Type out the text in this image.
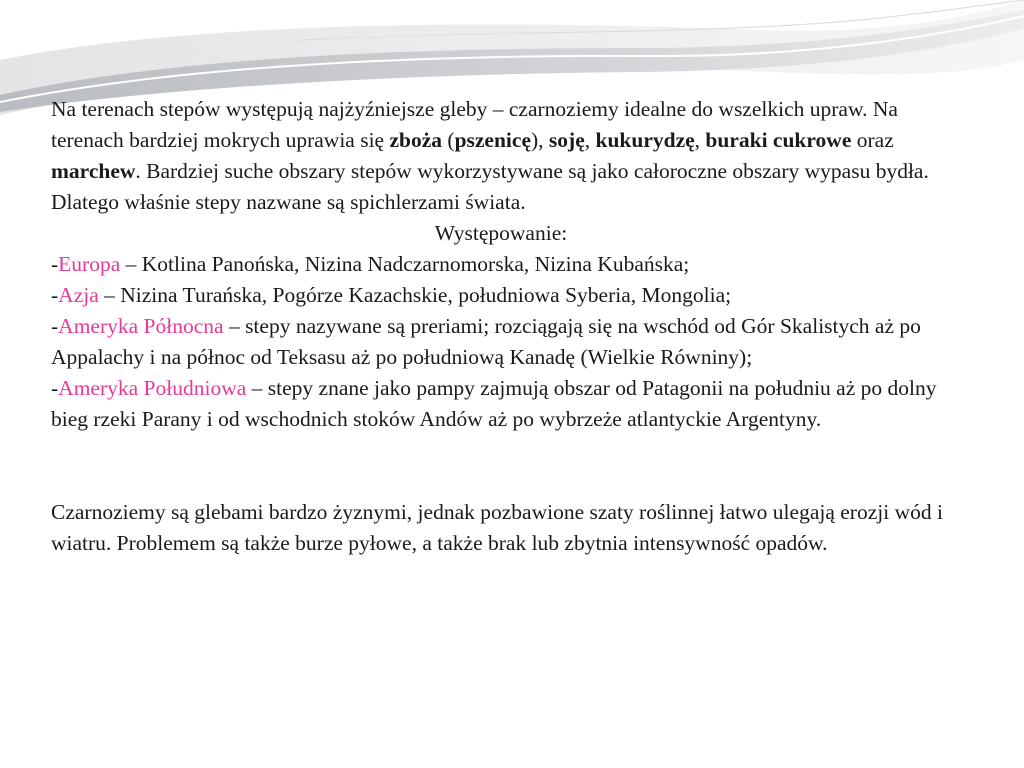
Na terenach stepów występują najżyźniejsze gleby – czarnoziemy idealne do wszelkich upraw. Na terenach bardziej mokrych uprawia się zboża (pszenicę), soję, kukurydzę, buraki cukrowe oraz marchew. Bardziej suche obszary stepów wykorzystywane są jako całoroczne obszary wypasu bydła. Dlatego właśnie stepy nazwane są spichlerzami świata.

Występowanie:

-Europa – Kotlina Panońska, Nizina Nadczarnomorska, Nizina Kubańska;

-Azja – Nizina Turańska, Pogórze Kazachskie, południowa Syberia, Mongolia;

-Ameryka Północna – stepy nazywane są preriami; rozciągają się na wschód od Gór Skalistych aż po Appalachy i na północ od Teksasu aż po południową Kanadę (Wielkie Równiny);

-Ameryka Południowa – stepy znane jako pampy zajmują obszar od Patagonii na południu aż po dolny bieg rzeki Parany i od wschodnich stoków Andów aż po wybrzeże atlantyckie Argentyny.

Czarnoziemy są glebami bardzo żyznymi, jednak pozbawione szaty roślinnej łatwo ulegają erozji wód i wiatru. Problemem są także burze pyłowe, a także brak lub zbytnia intensywność opadów.
